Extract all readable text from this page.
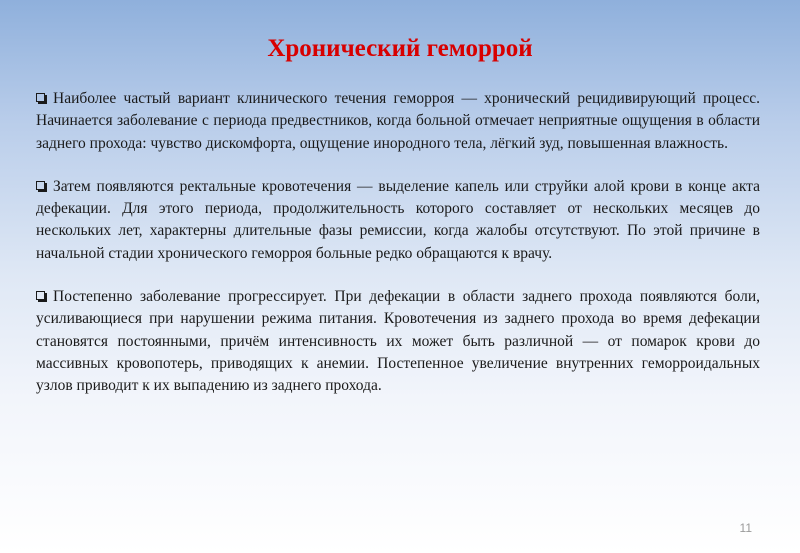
Хронический геморрой

Наиболее частый вариант клинического течения геморроя — хронический рецидивирующий процесс. Начинается заболевание с периода предвестников, когда больной отмечает неприятные ощущения в области заднего прохода: чувство дискомфорта, ощущение инородного тела, лёгкий зуд, повышенная влажность.

Затем появляются ректальные кровотечения — выделение капель или струйки алой крови в конце акта дефекации. Для этого периода, продолжительность которого составляет от нескольких месяцев до нескольких лет, характерны длительные фазы ремиссии, когда жалобы отсутствуют. По этой причине в начальной стадии хронического геморроя больные редко обращаются к врачу.

Постепенно заболевание прогрессирует. При дефекации в области заднего прохода появляются боли, усиливающиеся при нарушении режима питания. Кровотечения из заднего прохода во время дефекации становятся постоянными, причём интенсивность их может быть различной — от помарок крови до массивных кровопотерь, приводящих к анемии. Постепенное увеличение внутренних геморроидальных узлов приводит к их выпадению из заднего прохода.

11
